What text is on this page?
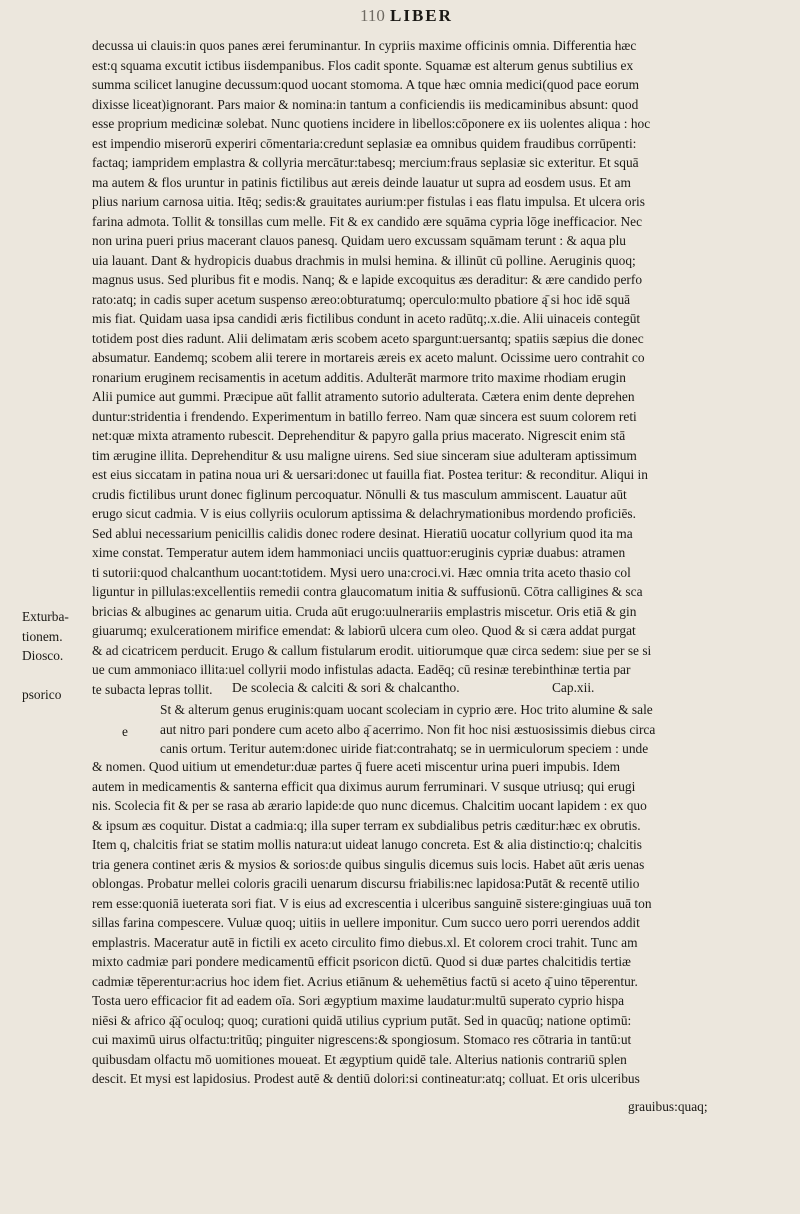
110 LIBER
decussa ui clauis:in quos panes ærei feruminantur. In cypriis maxime officinis omnia. Differentia hæc
est:q squama excutit ictibus iisdempanibus. Flos cadit sponte. Squamæ est alterum genus subtilius ex
summa scilicet lanugine decussum:quod uocant stomoma. A tque hæc omnia medici(quod pace eorum
dixisse liceat)ignorant. Pars maior & nomina:in tantum a conficiendis iis medicaminibus absunt: quod
esse proprium medicinæ solebat. Nunc quotiens incidere in libellos:cōponere ex iis uolentes aliqua : hoc
est impendio miserorū experiri cōmentaria:credunt seplasiæ ea omnibus quidem fraudibus corrūpenti:
factaq; iampridem emplastra & collyria mercātur:tabesq; mercium:fraus seplasiæ sic exteritur. Et squā
ma autem & flos uruntur in patinis fictilibus aut æreis deinde lauatur ut supra ad eosdem usus. Et am
plius narium carnosa uitia. Itēq; sedis:& grauitates aurium:per fistulas i eas flatu impulsa. Et ulcera oris
farina admota. Tollit & tonsillas cum melle. Fit & ex candido ære squāma cypria lōge inefficacior. Nec
non urina pueri prius macerant clauos panesq. Quidam uero excussam squāmam terunt : & aqua plu
uia lauant. Dant & hydropicis duabus drachmis in mulsi hemina. & illinūt cū polline. Aeruginis quoq;
magnus usus. Sed pluribus fit e modis. Nanq; & e lapide excoquitus æs deraditur: & ære candido perfo
rato:atq; in cadis super acetum suspenso æreo:obturatumq; operculo:multo pbatiore ą̄ si hoc idē squā
mis fiat. Quidam uasa ipsa candidi æris fictilibus condunt in aceto radūtq;.x.die. Alii uinaceis contegūt
totidem post dies radunt. Alii delimatam æris scobem aceto spargunt:uersantq; spatiis sæpius die donec
absumatur. Eandemq; scobem alii terere in mortareis æreis ex aceto malunt. Ocissime uero contrahit co
ronarium eruginem recisamentis in acetum additis. Adulterāt marmore trito maxime rhodiam erugin
Alii pumice aut gummi. Præcipue aūt fallit atramento sutorio adulterata. Cætera enim dente deprehen
duntur:stridentia i frendendo. Experimentum in batillo ferreo. Nam quæ sincera est suum colorem reti
net:quæ mixta atramento rubescit. Deprehenditur & papyro galla prius macerato. Nigrescit enim stā
tim ærugine illita. Deprehenditur & usu maligne uirens. Sed siue sinceram siue adulteram aptissimum
est eius siccatam in patina noua uri & uersari:donec ut fauilla fiat. Postea teritur: & reconditur. Aliqui in
crudis fictilibus urunt donec figlinum percoquatur. Nōnulli & tus masculum ammiscent. Lauatur aūt
erugo sicut cadmia. V is eius collyriis oculorum aptissima & delachrymationibus mordendo proficiēs.
Sed ablui necessarium penicillis calidis donec rodere desinat. Hieratiū uocatur collyrium quod ita ma
xime constat. Temperatur autem idem hammoniaci unciis quattuor:eruginis cypriæ duabus: atramen
ti sutorii:quod chalcanthum uocant:totidem. Mysi uero una:croci.vi. Hæc omnia trita aceto thasio col
liguntur in pillulas:excellentiis remedii contra glaucomatum initia & suffusionū. Cōtra calligines & sca
bricias & albugines ac genarum uitia. Cruda aūt erugo:uulnerariis emplastris miscetur. Oris etiā & gin
giuarumq; exulcerationem mirifice emendat: & labiorū ulcera cum oleo. Quod & si cæra addat purgat
& ad cicatricem perducit. Erugo & callum fistularum erodit. uitiorumque quæ circa sedem: siue per se si
ue cum ammoniaco illita:uel collyrii modo infistulas adacta. Eadēq; cū resinæ terebinthinæ tertia par
te subacta lepras tollit.
Exturba-
tionem.
Diosco.
psorico
e
De scolecia & calciti & sori & chalcantho.	Cap.xii.
St & alterum genus eruginis:quam uocant scoleciam in cyprio ære. Hoc trito alumine & sale
aut nitro pari pondere cum aceto albo ą̄ acerrimo. Non fit hoc nisi æstuosissimis diebus circa
canis ortum. Teritur autem:donec uiride fiat:contrahatq; se in uermiculorum speciem : unde
& nomen. Quod uitium ut emendetur:duæ partes q̄ fuere aceti miscentur urina pueri impubis. Idem
autem in medicamentis & santerna efficit qua diximus aurum ferruminari. V susque utriusq; qui erugi
nis. Scolecia fit & per se rasa ab ærario lapide:de quo nunc dicemus. Chalcitim uocant lapidem : ex quo
& ipsum æs coquitur. Distat a cadmia:q; illa super terram ex subdialibus petris cæditur:hæc ex obrutis.
Item q, chalcitis friat se statim mollis natura:ut uideat lanugo concreta. Est & alia distinctio:q; chalcitis
tria genera continet æris & mysios & sorios:de quibus singulis dicemus suis locis. Habet aūt æris uenas
oblongas. Probatur mellei coloris gracili uenarum discursu friabilis:nec lapidosa:Putāt & recentē utilio
rem esse:quoniā iueterata sori fiat. V is eius ad excrescentia i ulceribus sanguinē sistere:gingiuas uuā ton
sillas farina compescere. Vuluæ quoq; uitiis in uellere imponitur. Cum succo uero porri uerendos addit
emplastris. Maceratur autē in fictili ex aceto circulito fimo diebus.xl. Et colorem croci trahit. Tunc am
mixto cadmiæ pari pondere medicamentū efficit psoricon dictū. Quod si duæ partes chalcitidis tertiæ
cadmiæ tēperentur:acrius hoc idem fiet. Acrius etiānum & uehemētius factū si aceto ą̄ uino tēperentur.
Tosta uero efficacior fit ad eadem oīa. Sori ægyptium maxime laudatur:multū superato cyprio hispa
niēsi & africo ą̄ą̄ oculoq; quoq; curationi quidā utilius cyprium putāt. Sed in quacūq; natione optimū:
cui maximū uirus olfactu:tritūq; pinguiter nigrescens:& spongiosum. Stomaco res cōtraria in tantū:ut
quibusdam olfactu mō uomitiones moueat. Et ægyptium quidē tale. Alterius nationis contrariū splen
descit. Et mysi est lapidosius. Prodest autē & dentiū dolori:si contineatur:atq; colluat. Et oris ulceribus
grauibus:quaq;
